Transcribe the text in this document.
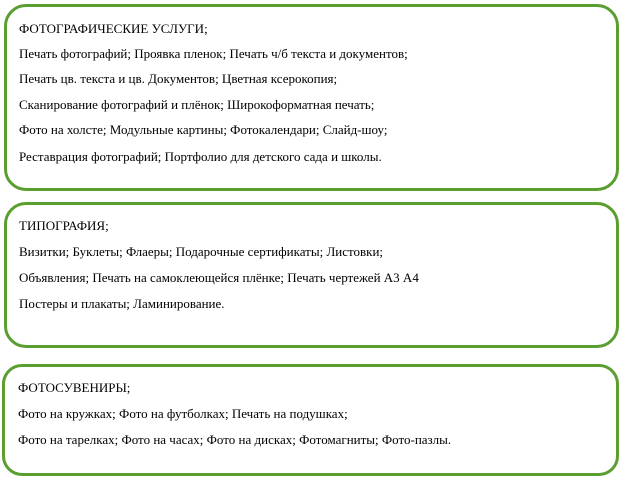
ФОТОГРАФИЧЕСКИЕ УСЛУГИ;
Печать фотографий; Проявка пленок; Печать ч/б текста и документов;
Печать цв. текста и цв. Документов; Цветная ксерокопия;
Сканирование фотографий и плёнок; Широкоформатная печать;
Фото на холсте; Модульные картины; Фотокалендари; Слайд-шоу;
Реставрация фотографий; Портфолио для детского сада и школы.
ТИПОГРАФИЯ;
Визитки; Буклеты; Флаеры; Подарочные сертификаты; Листовки;
Объявления; Печать на самоклеющейся плёнке; Печать чертежей А3 А4
Постеры и плакаты; Ламинирование.
ФОТОСУВЕНИРЫ;
Фото на кружках; Фото на футболках; Печать на подушках;
Фото на тарелках; Фото на часах; Фото на дисках; Фотомагниты; Фото-пазлы.
